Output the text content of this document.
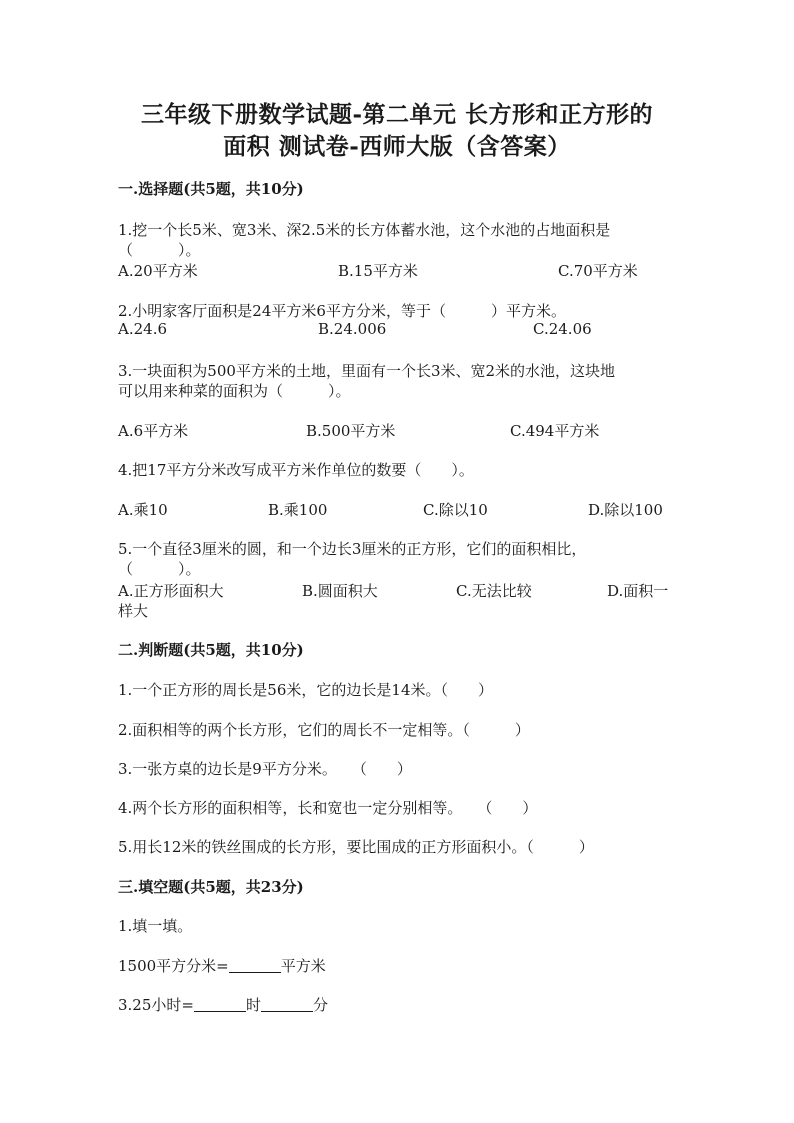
三年级下册数学试题-第二单元 长方形和正方形的
面积 测试卷-西师大版（含答案）
一.选择题(共5题，共10分)
1.挖一个长5米、宽3米、深2.5米的长方体蓄水池，这个水池的占地面积是
（　　　）。
A.20平方米	B.15平方米	C.70平方米
2.小明家客厅面积是24平方米6平方分米，等于（　　　）平方米。
A.24.6	B.24.006	C.24.06
3.一块面积为500平方米的土地，里面有一个长3米、宽2米的水池，这块地
可以用来种菜的面积为（　　　）。
A.6平方米	B.500平方米	C.494平方米
4.把17平方分米改写成平方米作单位的数要（　　）。
A.乘10	B.乘100	C.除以10	D.除以100
5.一个直径3厘米的圆，和一个边长3厘米的正方形，它们的面积相比，
（　　　）。
A.正方形面积大	B.圆面积大	C.无法比较	D.面积一
样大
二.判断题(共5题，共10分)
1.一个正方形的周长是56米，它的边长是14米。（　　）
2.面积相等的两个长方形，它们的周长不一定相等。（　　　）
3.一张方桌的边长是9平方分米。　　（　　）
4.两个长方形的面积相等，长和宽也一定分别相等。　　（　　）
5.用长12米的铁丝围成的长方形，要比围成的正方形面积小。（　　　）
三.填空题(共5题，共23分)
1.填一填。
1500平方分米=	平方米
3.25小时=	时	分
